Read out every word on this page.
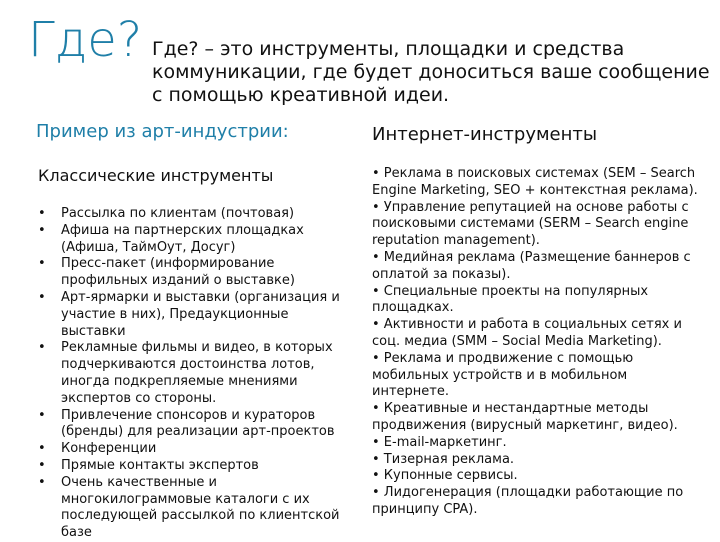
Где? Где? – это инструменты, площадки и средства коммуникации, где будет доноситься ваше сообщение с помощью креативной идеи.
Пример из арт-индустрии:	Интернет-инструменты
Классические инструменты
• Рассылка по клиентам (почтовая)
• Афиша на партнерских площадках (Афиша, ТаймОут, Досуг)
• Пресс-пакет (информирование профильных изданий о выставке)
• Арт-ярмарки и выставки (организация и участие в них), Предаукционные выставки
• Рекламные фильмы и видео, в которых подчеркиваются достоинства лотов, иногда подкрепляемые мнениями экспертов со стороны.
• Привлечение спонсоров и кураторов (бренды) для реализации арт-проектов
• Конференции
• Прямые контакты экспертов
• Очень качественные и многокилограммовые каталоги с их последующей рассылкой по клиентской базе
• Реклама в поисковых системах (SEM – Search Engine Marketing, SEO + контекстная реклама).
• Управление репутацией на основе работы с поисковыми системами (SERM – Search engine reputation management).
• Медийная реклама (Размещение баннеров с оплатой за показы).
• Специальные проекты на популярных площадках.
• Активности и работа в социальных сетях и соц. медиа (SMM – Social Media Marketing).
• Реклама и продвижение с помощью мобильных устройств и в мобильном интернете.
• Креативные и нестандартные методы продвижения (вирусный маркетинг, видео).
• E-mail-маркетинг.
• Тизерная реклама.
• Купонные сервисы.
• Лидогенерация (площадки работающие по принципу CPA).
